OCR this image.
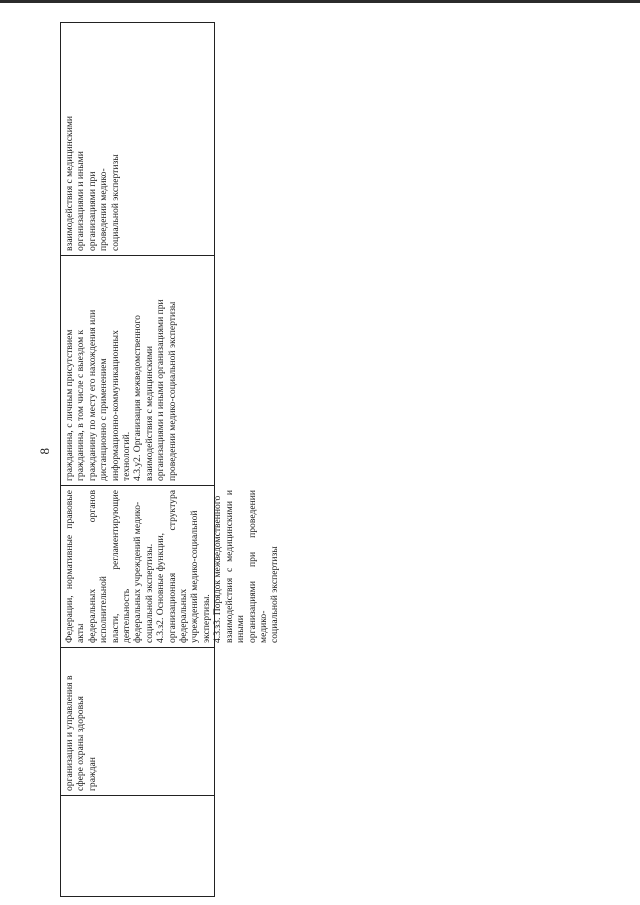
8
организации и управления в сфере охраны здоровья граждан
Федерации, нормативные правовые акты федеральных органов исполнительной власти, регламентирующие деятельность федеральных учреждений медико- социальной экспертизы. 4.3.з2. Основные функции, организационная структура федеральных учреждений медико-социальной экспертизы. 4.3.з3. Порядок межведомственного взаимодействия с медицинскими и иными организациями при проведении медико- социальной экспертизы
гражданина, с личным присутствием гражданина, в том числе с выездом к гражданину по месту его нахождения или дистанционно с применением информационно-коммуникационных технологий. 4.3.у2. Организация межведомственного взаимодействия с медицинскими организациями и иными организациями при проведении медико-социальной экспертизы
взаимодействия с медицинскими организациями и иными организациями при проведении медико- социальной экспертизы
